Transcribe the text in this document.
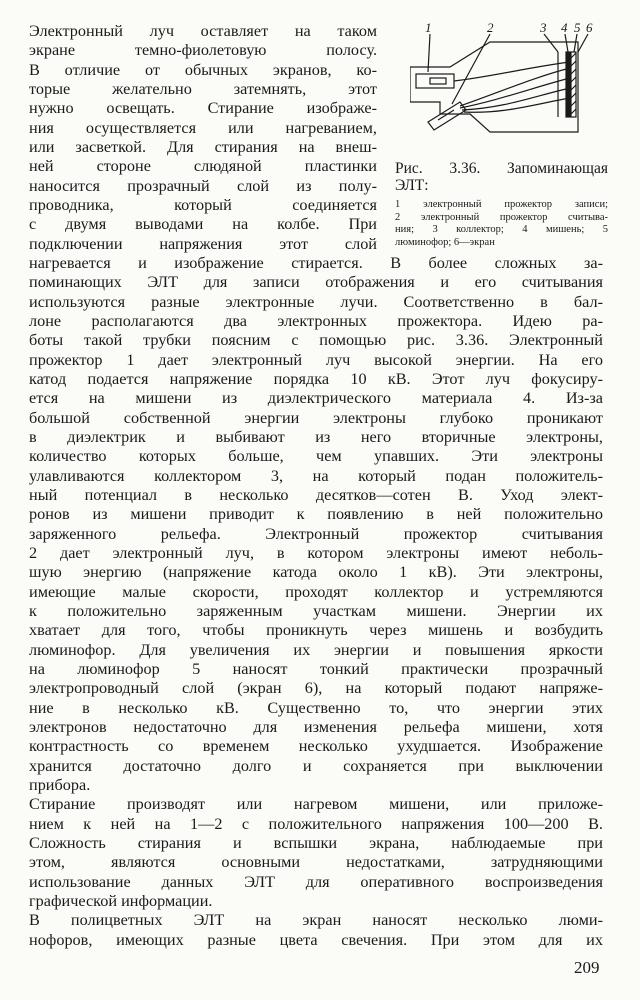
1	2	3 4 5 6
Рис. 3.36. Запоминающая
ЭЛТ:
1 электронный прожектор записи;
2 электронный прожектор считыва-
ния; 3 коллектор; 4 мишень; 5
люминофор; 6—экран
209

Электронный луч оставляет на таком

экране темно-фиолетовую полосу.

В отличие от обычных экранов, ко-

торые желательно затемнять, этот

нужно освещать. Стирание изображе-

ния осуществляется или нагреванием,

или засветкой. Для стирания на внеш-

ней стороне слюдяной пластинки

наносится прозрачный слой из полу-

проводника, который соединяется

с двумя выводами на колбе. При

подключении напряжения этот слой

нагревается и изображение стирается. В более сложных за-

поминающих ЭЛТ для записи отображения и его считывания

используются разные электронные лучи. Соответственно в бал-

лоне располагаются два электронных прожектора. Идею ра-

боты такой трубки поясним с помощью рис. 3.36. Электронный

прожектор 1 дает электронный луч высокой энергии. На его

катод подается напряжение порядка 10 кВ. Этот луч фокусиру-

ется на мишени из диэлектрического материала 4. Из-за

большой собственной энергии электроны глубоко проникают

в диэлектрик и выбивают из него вторичные электроны,

количество которых больше, чем упавших. Эти электроны

улавливаются коллектором 3, на который подан положитель-

ный потенциал в несколько десятков—сотен В. Уход элект-

ронов из мишени приводит к появлению в ней положительно

заряженного рельефа. Электронный прожектор считывания

2 дает электронный луч, в котором электроны имеют неболь-

шую энергию (напряжение катода около 1 кВ). Эти электроны,

имеющие малые скорости, проходят коллектор и устремляются

к положительно заряженным участкам мишени. Энергии их

хватает для того, чтобы проникнуть через мишень и возбудить

люминофор. Для увеличения их энергии и повышения яркости

на люминофор 5 наносят тонкий практически прозрачный

электропроводный слой (экран 6), на который подают напряже-

ние в несколько кВ. Существенно то, что энергии этих

электронов недостаточно для изменения рельефа мишени, хотя

контрастность со временем несколько ухудшается. Изображение

хранится достаточно долго и сохраняется при выключении

прибора.

Стирание производят или нагревом мишени, или приложе-

нием к ней на 1—2 с положительного напряжения 100—200 В.

Сложность стирания и вспышки экрана, наблюдаемые при

этом, являются основными недостатками, затрудняющими

использование данных ЭЛТ для оперативного воспроизведения

графической информации.

В полицветных ЭЛТ на экран наносят несколько люми-

нофоров, имеющих разные цвета свечения. При этом для их
